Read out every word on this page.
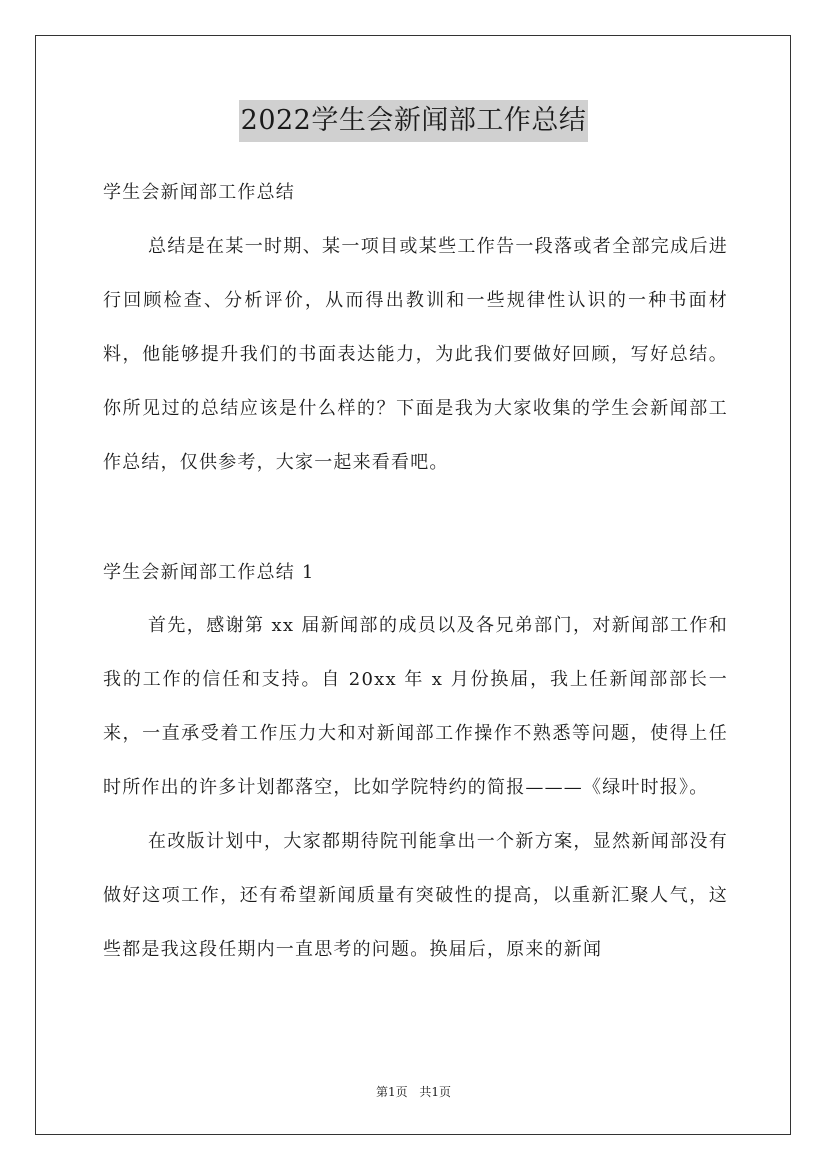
2022学生会新闻部工作总结
学生会新闻部工作总结

总结是在某一时期、某一项目或某些工作告一段落或者全部完成后进行回顾检查、分析评价，从而得出教训和一些规律性认识的一种书面材料，他能够提升我们的书面表达能力，为此我们要做好回顾，写好总结。你所见过的总结应该是什么样的？下面是我为大家收集的学生会新闻部工作总结，仅供参考，大家一起来看看吧。

学生会新闻部工作总结 1

首先，感谢第 xx 届新闻部的成员以及各兄弟部门，对新闻部工作和我的工作的信任和支持。自 20xx 年 x 月份换届，我上任新闻部部长一来，一直承受着工作压力大和对新闻部工作操作不熟悉等问题，使得上任时所作出的许多计划都落空，比如学院特约的简报———《绿叶时报》。

在改版计划中，大家都期待院刊能拿出一个新方案，显然新闻部没有做好这项工作，还有希望新闻质量有突破性的提高，以重新汇聚人气，这些都是我这段任期内一直思考的问题。换届后，原来的新闻

第1页 共1页
